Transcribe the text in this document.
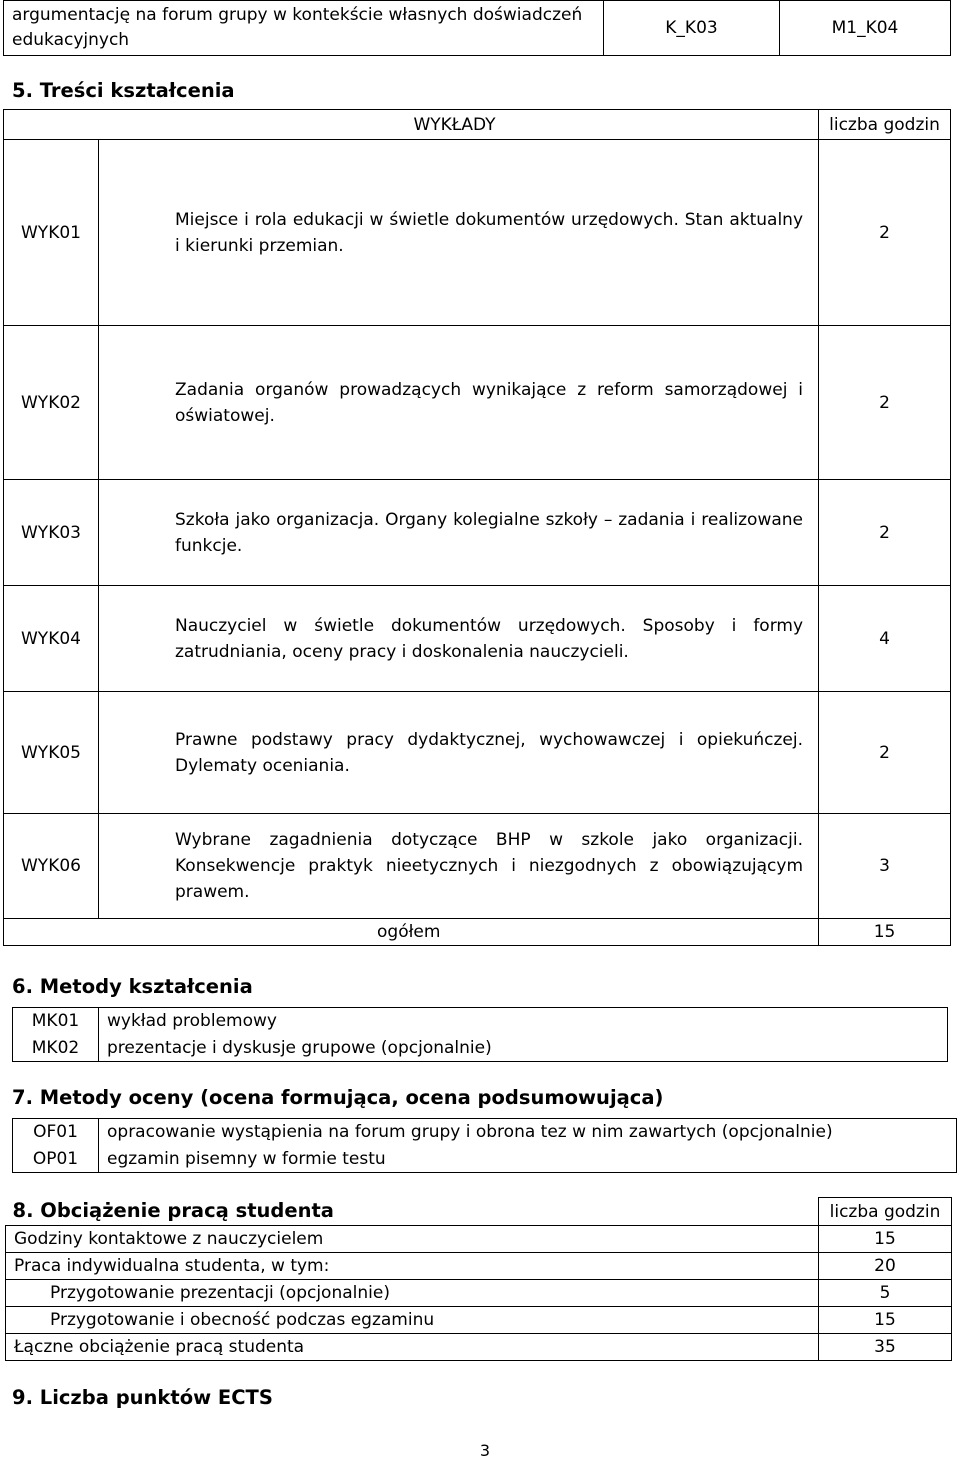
argumentację na forum grupy w kontekście własnych doświadczeń edukacyjnych	K_K03	M1_K04
5. Treści kształcenia
WYKŁADY		liczba godzin
WYK01	Miejsce i rola edukacji w świetle dokumentów urzędowych. Stan aktualny i kierunki przemian.	2
WYK02	Zadania organów prowadzących wynikające z reform samorządowej i oświatowej.	2
WYK03	Szkoła jako organizacja. Organy kolegialne szkoły – zadania i realizowane funkcje.	2
WYK04	Nauczyciel w świetle dokumentów urzędowych. Sposoby i formy zatrudniania, oceny pracy i doskonalenia nauczycieli.	4
WYK05	Prawne podstawy pracy dydaktycznej, wychowawczej i opiekuńczej. Dylematy oceniania.	2
WYK06	Wybrane zagadnienia dotyczące BHP w szkole jako organizacji. Konsekwencje praktyk nieetycznych i niezgodnych z obowiązującym prawem.	3
ogółem		15
6. Metody kształcenia
MK01	wykład problemowy
MK02	prezentacje i dyskusje grupowe (opcjonalnie)
7. Metody oceny (ocena formująca, ocena podsumowująca)
OF01	opracowanie wystąpienia na forum grupy i obrona tez w nim zawartych (opcjonalnie)
OP01	egzamin pisemny w formie testu
8. Obciążenie pracą studenta	liczba godzin
Godziny kontaktowe z nauczycielem	15
Praca indywidualna studenta, w tym:	20
Przygotowanie prezentacji (opcjonalnie)	5
Przygotowanie i obecność podczas egzaminu	15
Łączne obciążenie pracą studenta	35
9. Liczba punktów ECTS
3
